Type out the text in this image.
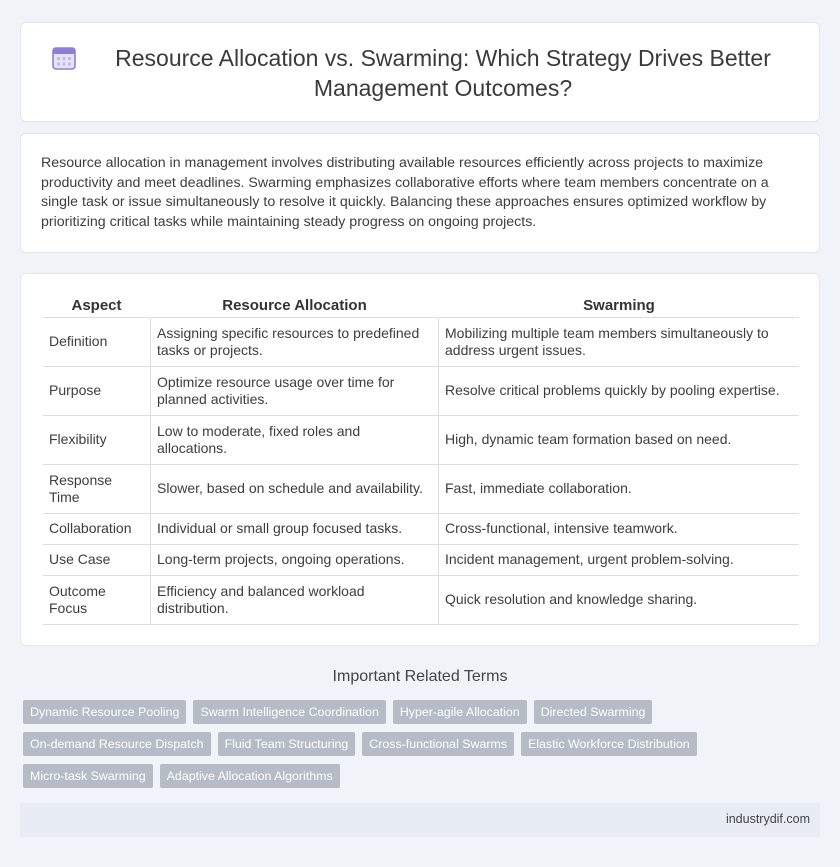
Resource Allocation vs. Swarming: Which Strategy Drives Better Management Outcomes?

Resource allocation in management involves distributing available resources efficiently across projects to maximize productivity and meet deadlines. Swarming emphasizes collaborative efforts where team members concentrate on a single task or issue simultaneously to resolve it quickly. Balancing these approaches ensures optimized workflow by prioritizing critical tasks while maintaining steady progress on ongoing projects.

Aspect	Resource Allocation	Swarming
Definition	Assigning specific resources to predefined tasks or projects.	Mobilizing multiple team members simultaneously to address urgent issues.
Purpose	Optimize resource usage over time for planned activities.	Resolve critical problems quickly by pooling expertise.
Flexibility	Low to moderate, fixed roles and allocations.	High, dynamic team formation based on need.
Response Time	Slower, based on schedule and availability.	Fast, immediate collaboration.
Collaboration	Individual or small group focused tasks.	Cross-functional, intensive teamwork.
Use Case	Long-term projects, ongoing operations.	Incident management, urgent problem-solving.
Outcome Focus	Efficiency and balanced workload distribution.	Quick resolution and knowledge sharing.
Important Related Terms
Dynamic Resource Pooling	Swarm Intelligence Coordination	Hyper-agile Allocation	Directed Swarming
On-demand Resource Dispatch	Fluid Team Structuring	Cross-functional Swarms	Elastic Workforce Distribution
Micro-task Swarming	Adaptive Allocation Algorithms
industrydif.com
